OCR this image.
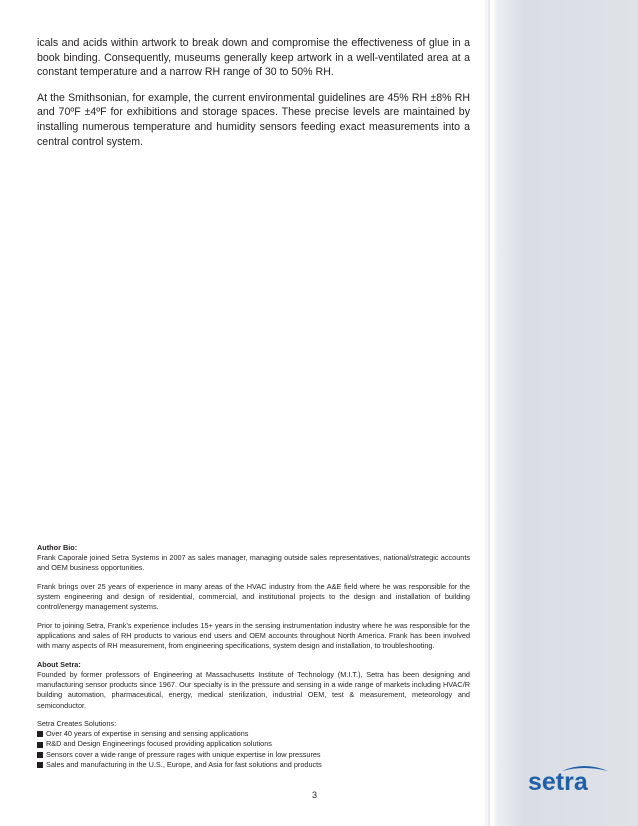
icals and acids within artwork to break down and compromise the effectiveness of glue in a book binding. Consequently, museums generally keep artwork in a well-ventilated area at a constant temperature and a narrow RH range of 30 to 50% RH.

At the Smithsonian, for example, the current environmental guidelines are 45% RH ±8% RH and 70ºF ±4ºF for exhibitions and storage spaces. These precise levels are maintained by installing numerous temperature and humidity sensors feeding exact measurements into a central control system.

Author Bio:
Frank Caporale joined Setra Systems in 2007 as sales manager, managing outside sales representatives, national/strategic accounts and OEM business opportunities.

Frank brings over 25 years of experience in many areas of the HVAC industry from the A&E field where he was responsible for the system engineering and design of residential, commercial, and institutional projects to the design and installation of building control/energy management systems.

Prior to joining Setra, Frank’s experience includes 15+ years in the sensing instrumentation industry where he was responsible for the applications and sales of RH products to various end users and OEM accounts throughout North America. Frank has been involved with many aspects of RH measurement, from engineering specifications, system design and installation, to troubleshooting.

About Setra:
Founded by former professors of Engineering at Massachusetts Institute of Technology (M.I.T.), Setra has been designing and manufacturing sensor products since 1967. Our specialty is in the pressure and sensing in a wide range of markets including HVAC/R building automation, pharmaceutical, energy, medical sterilization, industrial OEM, test & measurement, meteorology and semiconductor.

Setra Creates Solutions:
Over 40 years of expertise in sensing and sensing applications
R&D and Design Engineerings focused providing application solutions
Sensors cover a wide range of pressure rages with unique expertise in low pressures
Sales and manufacturing in the U.S., Europe, and Asia for fast solutions and products
3	setra
